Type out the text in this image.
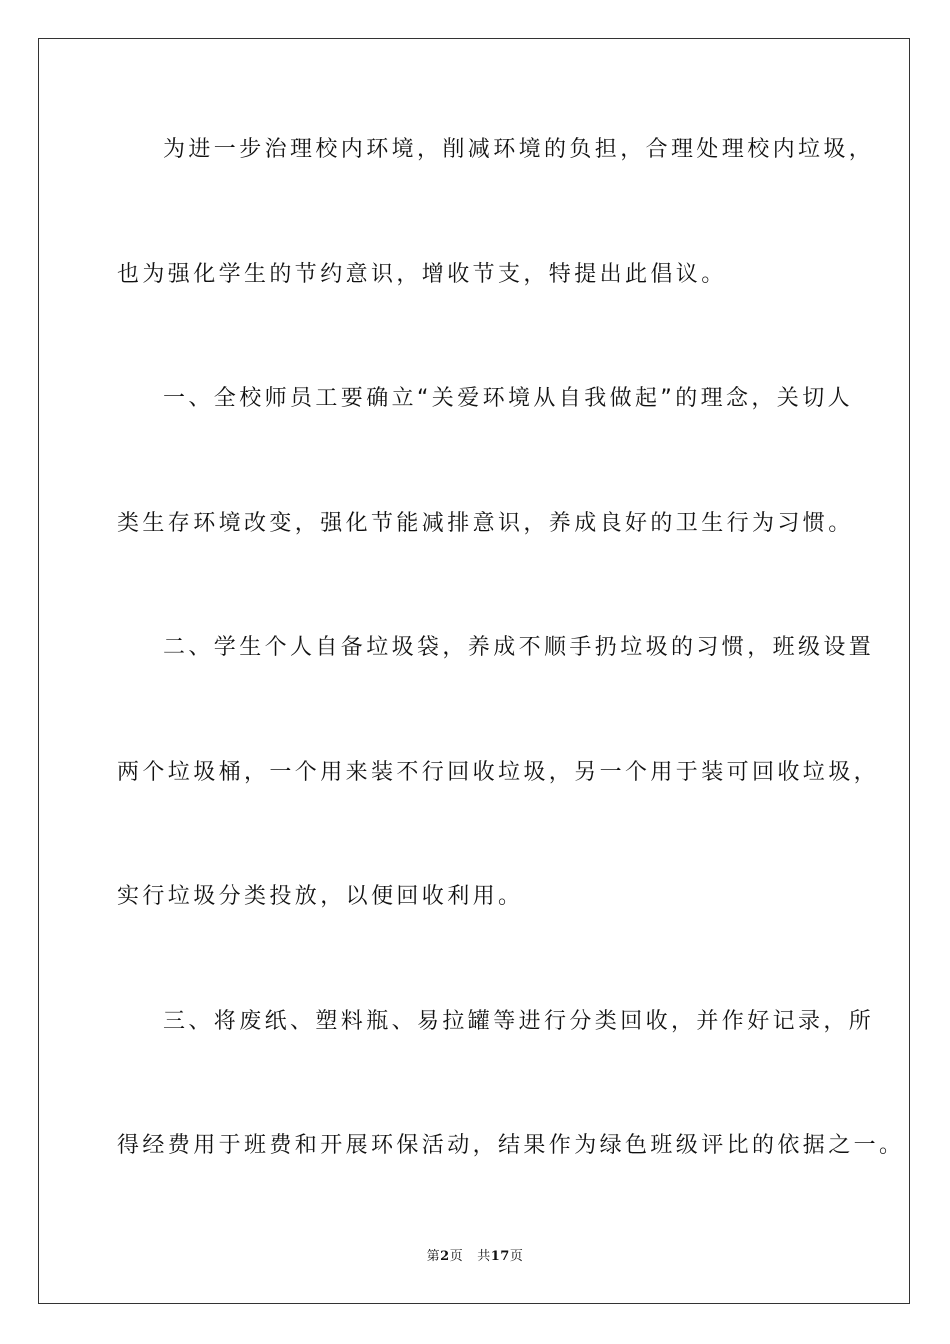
为进一步治理校内环境，削减环境的负担，合理处理校内垃圾，
也为强化学生的节约意识，增收节支，特提出此倡议。
一、全校师员工要确立“关爱环境从自我做起”的理念，关切人
类生存环境改变，强化节能减排意识，养成良好的卫生行为习惯。
二、学生个人自备垃圾袋，养成不顺手扔垃圾的习惯，班级设置
两个垃圾桶，一个用来装不行回收垃圾，另一个用于装可回收垃圾，
实行垃圾分类投放，以便回收利用。
三、将废纸、塑料瓶、易拉罐等进行分类回收，并作好记录，所
得经费用于班费和开展环保活动，结果作为绿色班级评比的依据之一。
第2页 共17页
